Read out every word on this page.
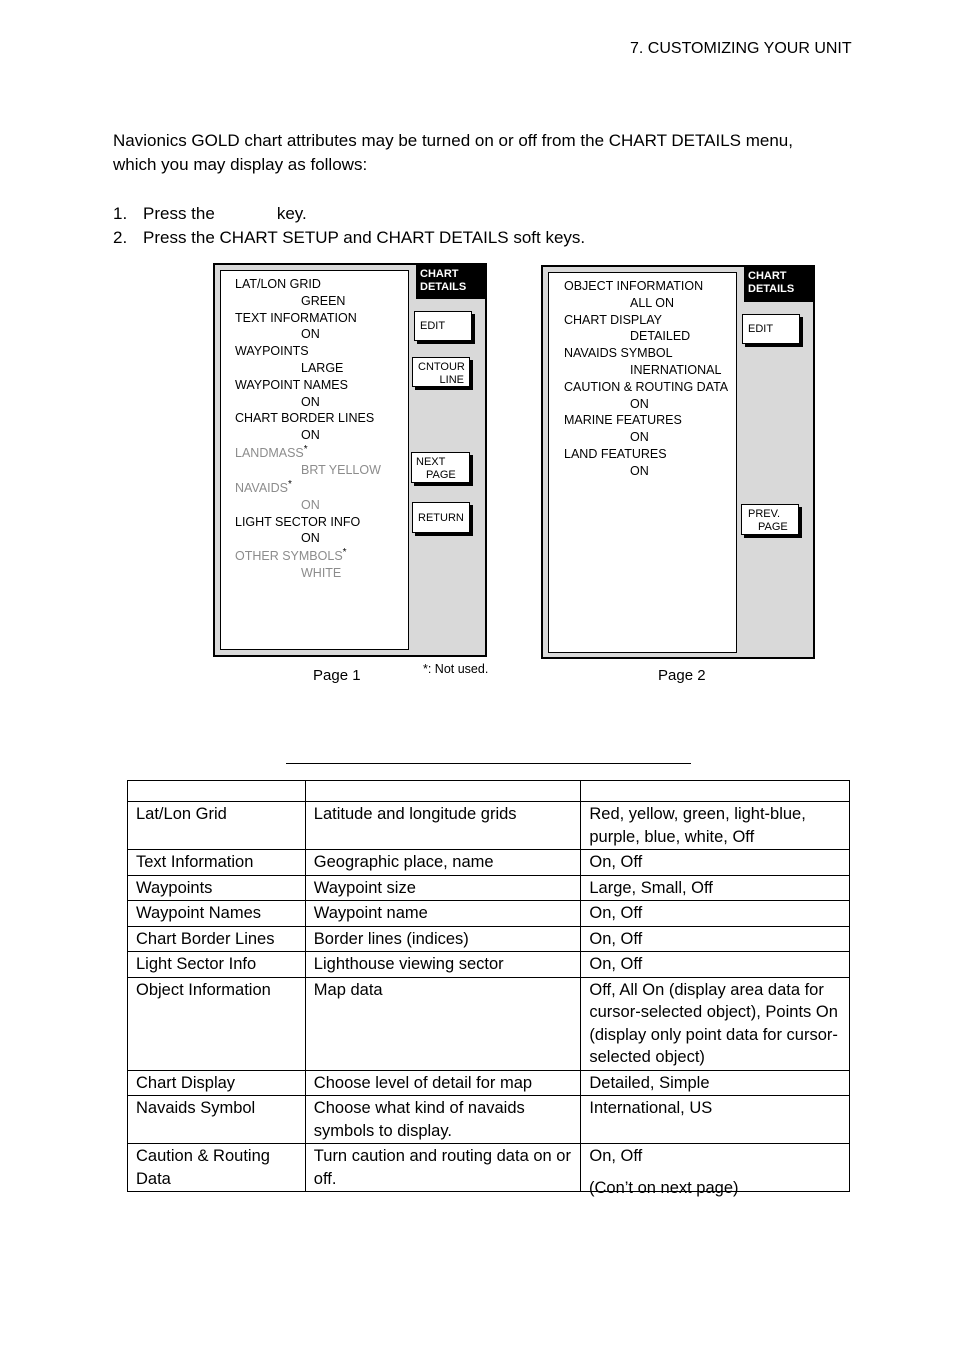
7. CUSTOMIZING YOUR UNIT
Navionics GOLD chart attributes may be turned on or off from the CHART DETAILS menu,
which you may display as follows:
1. Press the	key.
2. Press the CHART SETUP and CHART DETAILS soft keys.
LAT/LON GRID
GREEN
TEXT INFORMATION
ON
WAYPOINTS
LARGE
WAYPOINT NAMES
ON
CHART BORDER LINES
ON
LANDMASS*
BRT YELLOW
NAVAIDS*
ON
LIGHT SECTOR INFO
ON
OTHER SYMBOLS*
WHITE
CHART
DETAILS
EDIT
CNTOUR
LINE
NEXT
PAGE
RETURN
OBJECT INFORMATION
ALL ON
CHART DISPLAY
DETAILED
NAVAIDS SYMBOL
INERNATIONAL
CAUTION & ROUTING DATA
ON
MARINE FEATURES
ON
LAND FEATURES
ON
CHART
DETAILS
EDIT
PREV.
PAGE
Page 1	*: Not used.	Page 2

Lat/Lon Grid	Latitude and longitude grids	Red, yellow, green, light-blue, purple, blue, white, Off
Text Information	Geographic place, name	On, Off
Waypoints	Waypoint size	Large, Small, Off
Waypoint Names	Waypoint name	On, Off
Chart Border Lines	Border lines (indices)	On, Off
Light Sector Info	Lighthouse viewing sector	On, Off
Object Information	Map data	Off, All On (display area data for cursor-selected object), Points On (display only point data for cursor-selected object)
Chart Display	Choose level of detail for map	Detailed, Simple
Navaids Symbol	Choose what kind of navaids symbols to display.	International, US
Caution & Routing Data	Turn caution and routing data on or off.	On, Off
(Con’t on next page)
